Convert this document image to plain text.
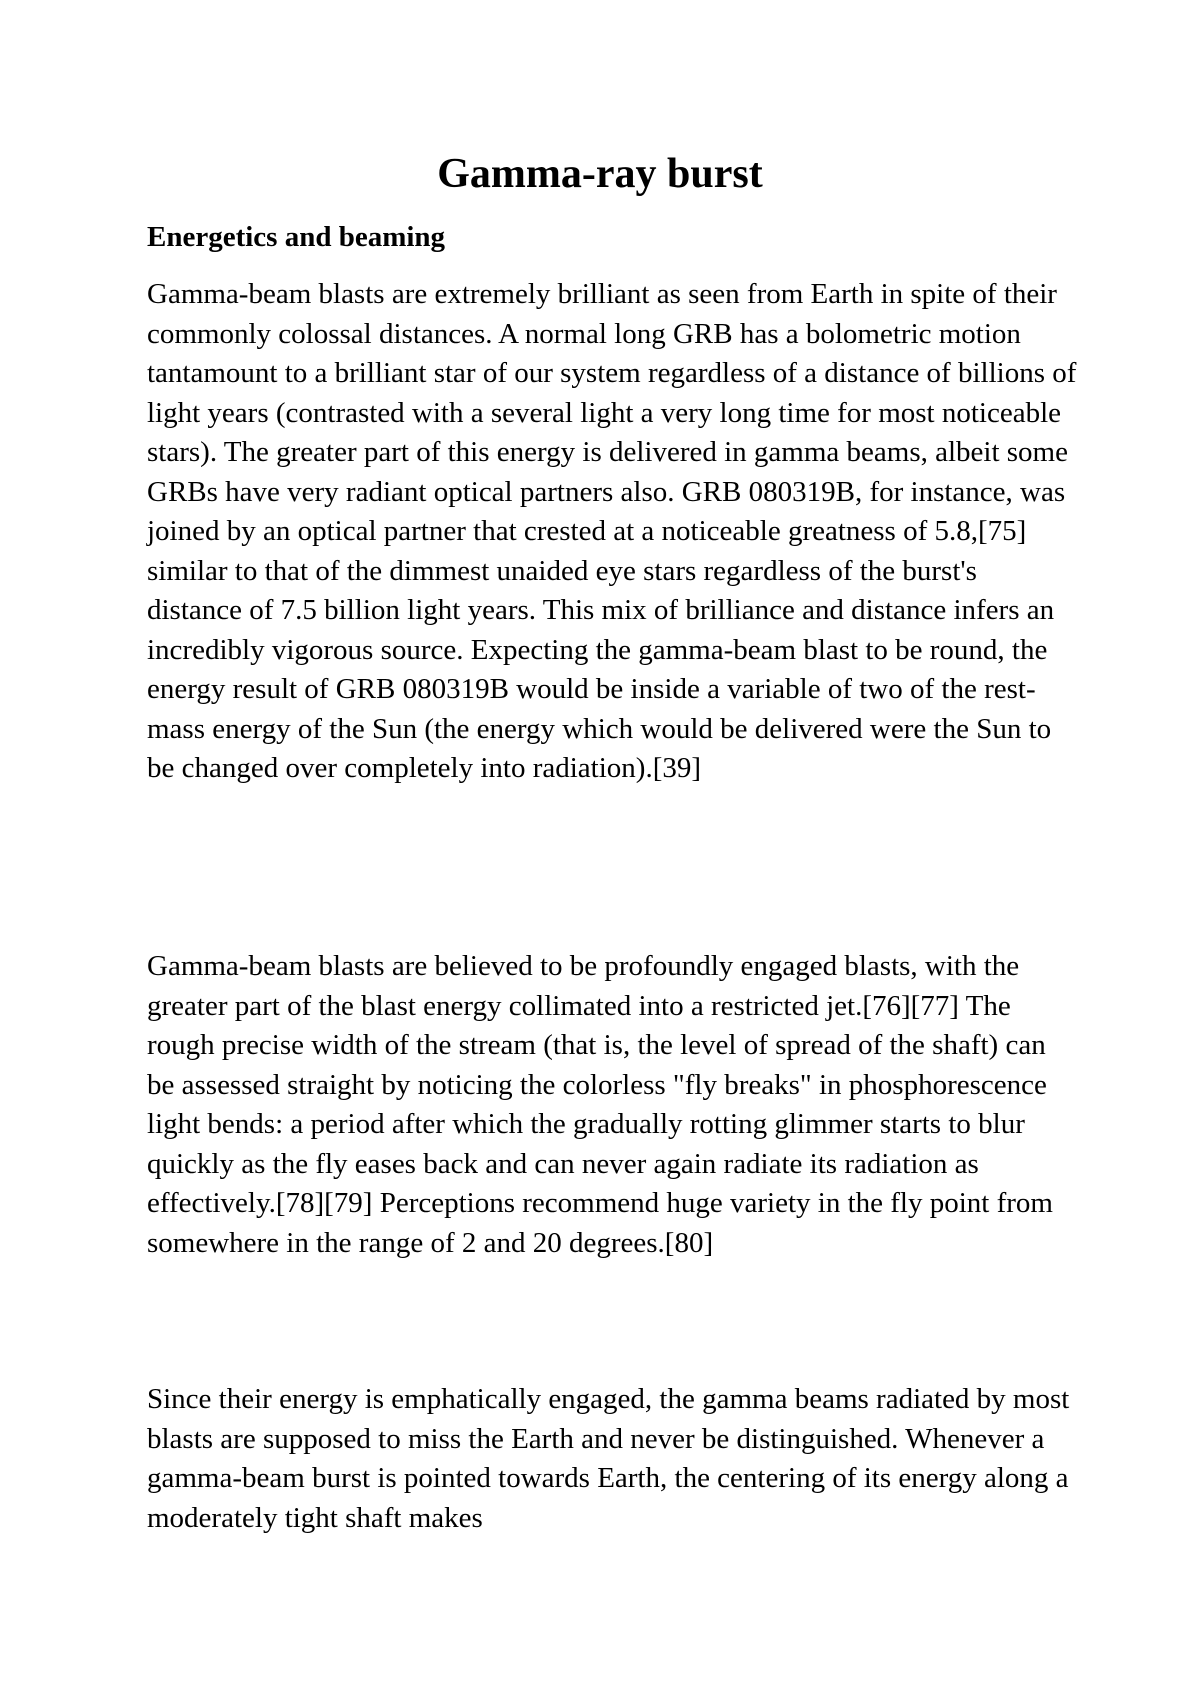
Gamma-ray burst
Energetics and beaming

Gamma-beam blasts are extremely brilliant as seen from Earth in spite of their commonly colossal distances. A normal long GRB has a bolometric motion tantamount to a brilliant star of our system regardless of a distance of billions of light years (contrasted with a several light a very long time for most noticeable stars). The greater part of this energy is delivered in gamma beams, albeit some GRBs have very radiant optical partners also. GRB 080319B, for instance, was joined by an optical partner that crested at a noticeable greatness of 5.8,[75] similar to that of the dimmest unaided eye stars regardless of the burst's distance of 7.5 billion light years. This mix of brilliance and distance infers an incredibly vigorous source. Expecting the gamma-beam blast to be round, the energy result of GRB 080319B would be inside a variable of two of the rest-mass energy of the Sun (the energy which would be delivered were the Sun to be changed over completely into radiation).[39]

Gamma-beam blasts are believed to be profoundly engaged blasts, with the greater part of the blast energy collimated into a restricted jet.[76][77] The rough precise width of the stream (that is, the level of spread of the shaft) can be assessed straight by noticing the colorless "fly breaks" in phosphorescence light bends: a period after which the gradually rotting glimmer starts to blur quickly as the fly eases back and can never again radiate its radiation as effectively.[78][79] Perceptions recommend huge variety in the fly point from somewhere in the range of 2 and 20 degrees.[80]

Since their energy is emphatically engaged, the gamma beams radiated by most blasts are supposed to miss the Earth and never be distinguished. Whenever a gamma-beam burst is pointed towards Earth, the centering of its energy along a moderately tight shaft makes
